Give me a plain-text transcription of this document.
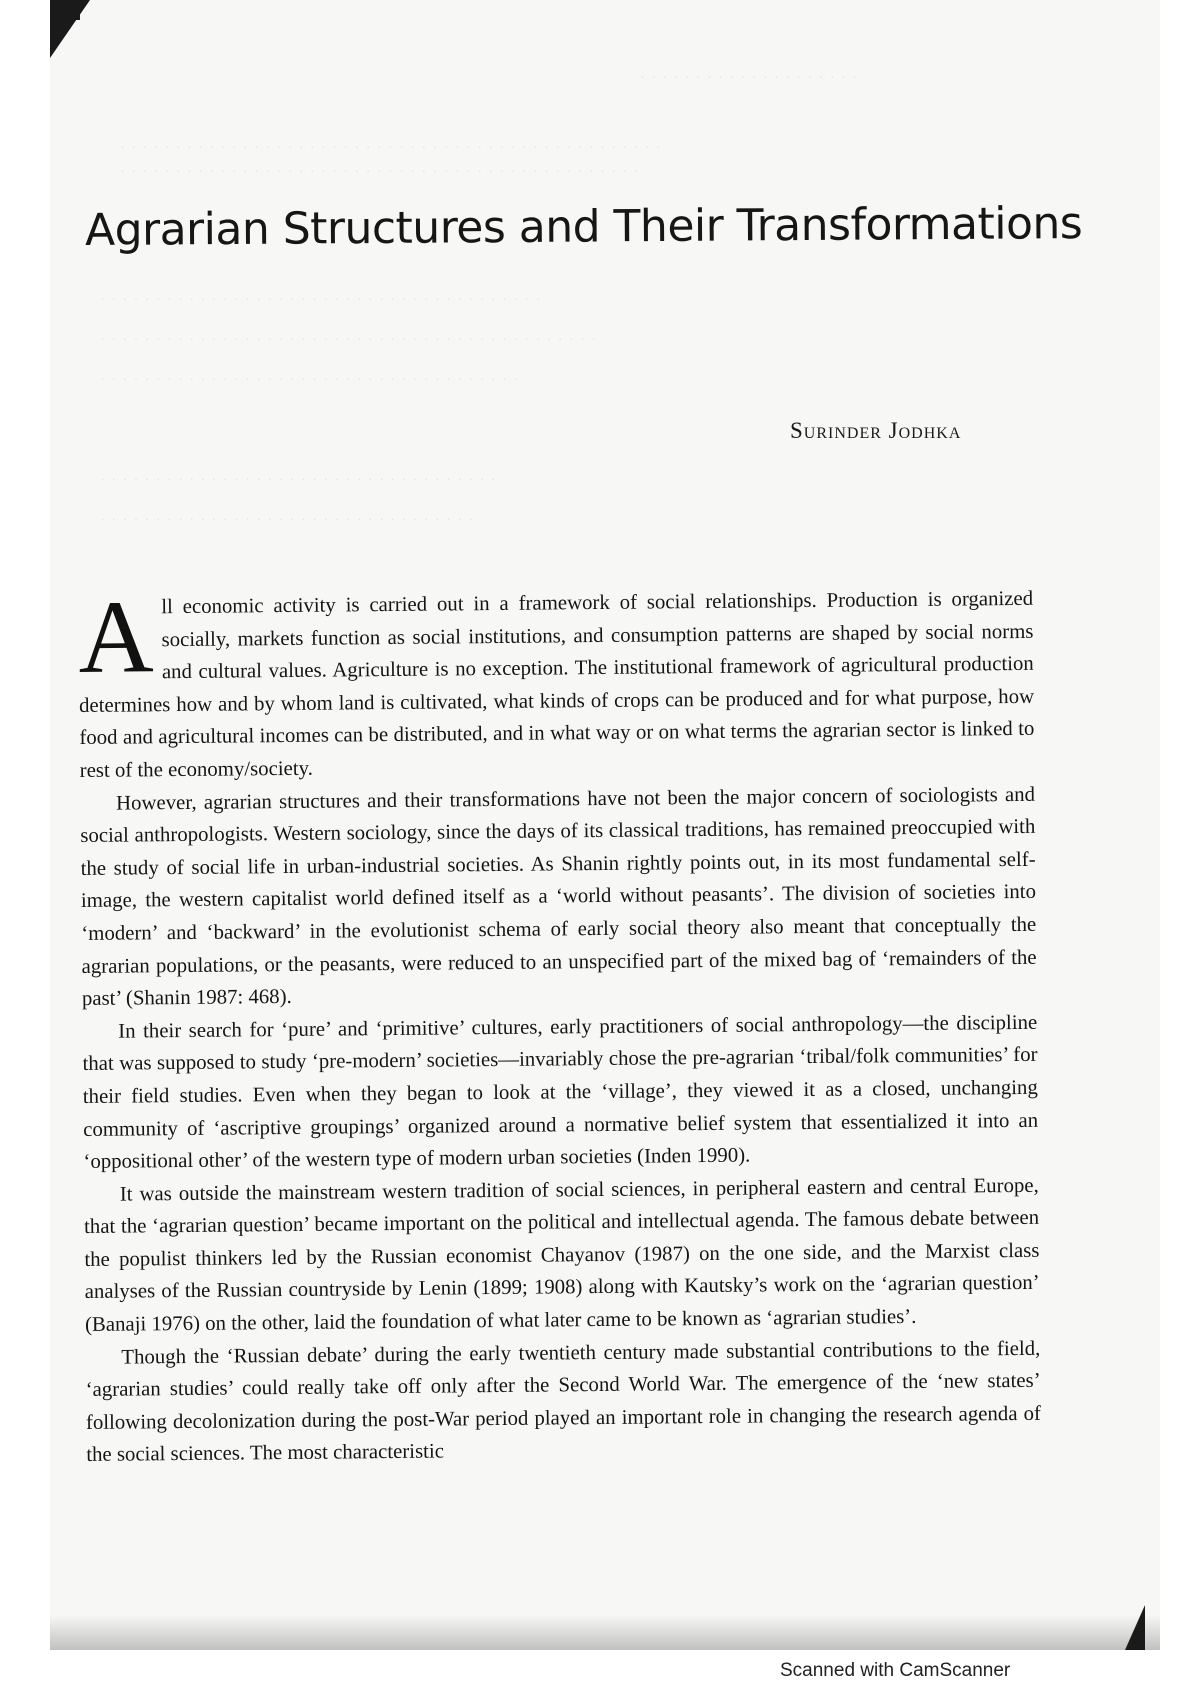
· · · · · · · · · · · · · · · · · · · ·
· · · · · · · · · · · · · · · · · · · · · · · · · · · · · · · · · · · · · · · · · · · · · · · · ·
· · · · · · · · · · · · · · · · · · · · · · · · · · · · · · · · · · · · · · · · · · · · · · ·
· · · · · · · · · · · · · · · · · · · · · · · · · · · · · · · · · · · · · · · ·
· · · · · · · · · · · · · · · · · · · · · · · · · · · · · · · · · · · · · · · · · · · · ·
· · · · · · · · · · · · · · · · · · · · · · · · · · · · · · · · · · · · · ·
· · · · · · · · · · · · · · · · · · · · · · · · · · · · · · · · · · · ·
· · · · · · · · · · · · · · · · · · · · · · · · · · · · · · · · · ·
Agrarian Structures and Their Transformations
Surinder Jodhka

All economic activity is carried out in a framework of social relationships. Production is organized socially, markets function as social institutions, and consumption patterns are shaped by social norms and cultural values. Agriculture is no exception. The institutional framework of agricultural production determines how and by whom land is cultivated, what kinds of crops can be produced and for what purpose, how food and agricultural incomes can be distributed, and in what way or on what terms the agrarian sector is linked to rest of the economy/society.

However, agrarian structures and their transformations have not been the major concern of sociologists and social anthropologists. Western sociology, since the days of its classical traditions, has remained preoccupied with the study of social life in urban-industrial societies. As Shanin rightly points out, in its most fundamental self-image, the western capitalist world defined itself as a ‘world without peasants’. The division of societies into ‘modern’ and ‘backward’ in the evolutionist schema of early social theory also meant that conceptually the agrarian populations, or the peasants, were reduced to an unspecified part of the mixed bag of ‘remainders of the past’ (Shanin 1987: 468).

In their search for ‘pure’ and ‘primitive’ cultures, early practitioners of social anthropology—the discipline that was supposed to study ‘pre-modern’ societies—invariably chose the pre-agrarian ‘tribal/folk communities’ for their field studies. Even when they began to look at the ‘village’, they viewed it as a closed, unchanging community of ‘ascriptive groupings’ organized around a normative belief system that essentialized it into an ‘oppositional other’ of the western type of modern urban societies (Inden 1990).

It was outside the mainstream western tradition of social sciences, in peripheral eastern and central Europe, that the ‘agrarian question’ became important on the political and intellectual agenda. The famous debate between the populist thinkers led by the Russian economist Chayanov (1987) on the one side, and the Marxist class analyses of the Russian countryside by Lenin (1899; 1908) along with Kautsky’s work on the ‘agrarian question’ (Banaji 1976) on the other, laid the foundation of what later came to be known as ‘agrarian studies’.

Though the ‘Russian debate’ during the early twentieth century made substantial contributions to the field, ‘agrarian studies’ could really take off only after the Second World War. The emergence of the ‘new states’ following decolonization during the post-War period played an important role in changing the research agenda of the social sciences. The most characteristic

Scanned with CamScanner
